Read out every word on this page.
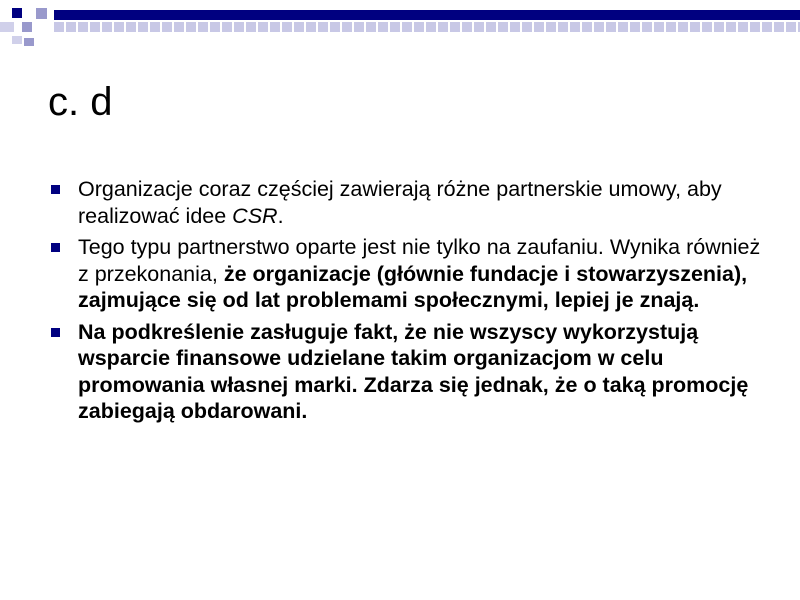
c. d
Organizacje coraz częściej zawierają różne partnerskie umowy, aby realizować idee CSR.
Tego typu partnerstwo oparte jest nie tylko na zaufaniu. Wynika również z przekonania, że organizacje (głównie fundacje i stowarzyszenia), zajmujące się od lat problemami społecznymi, lepiej je znają.
Na podkreślenie zasługuje fakt, że nie wszyscy wykorzystują wsparcie finansowe udzielane takim organizacjom w celu promowania własnej marki. Zdarza się jednak, że o taką promocję zabiegają obdarowani.
